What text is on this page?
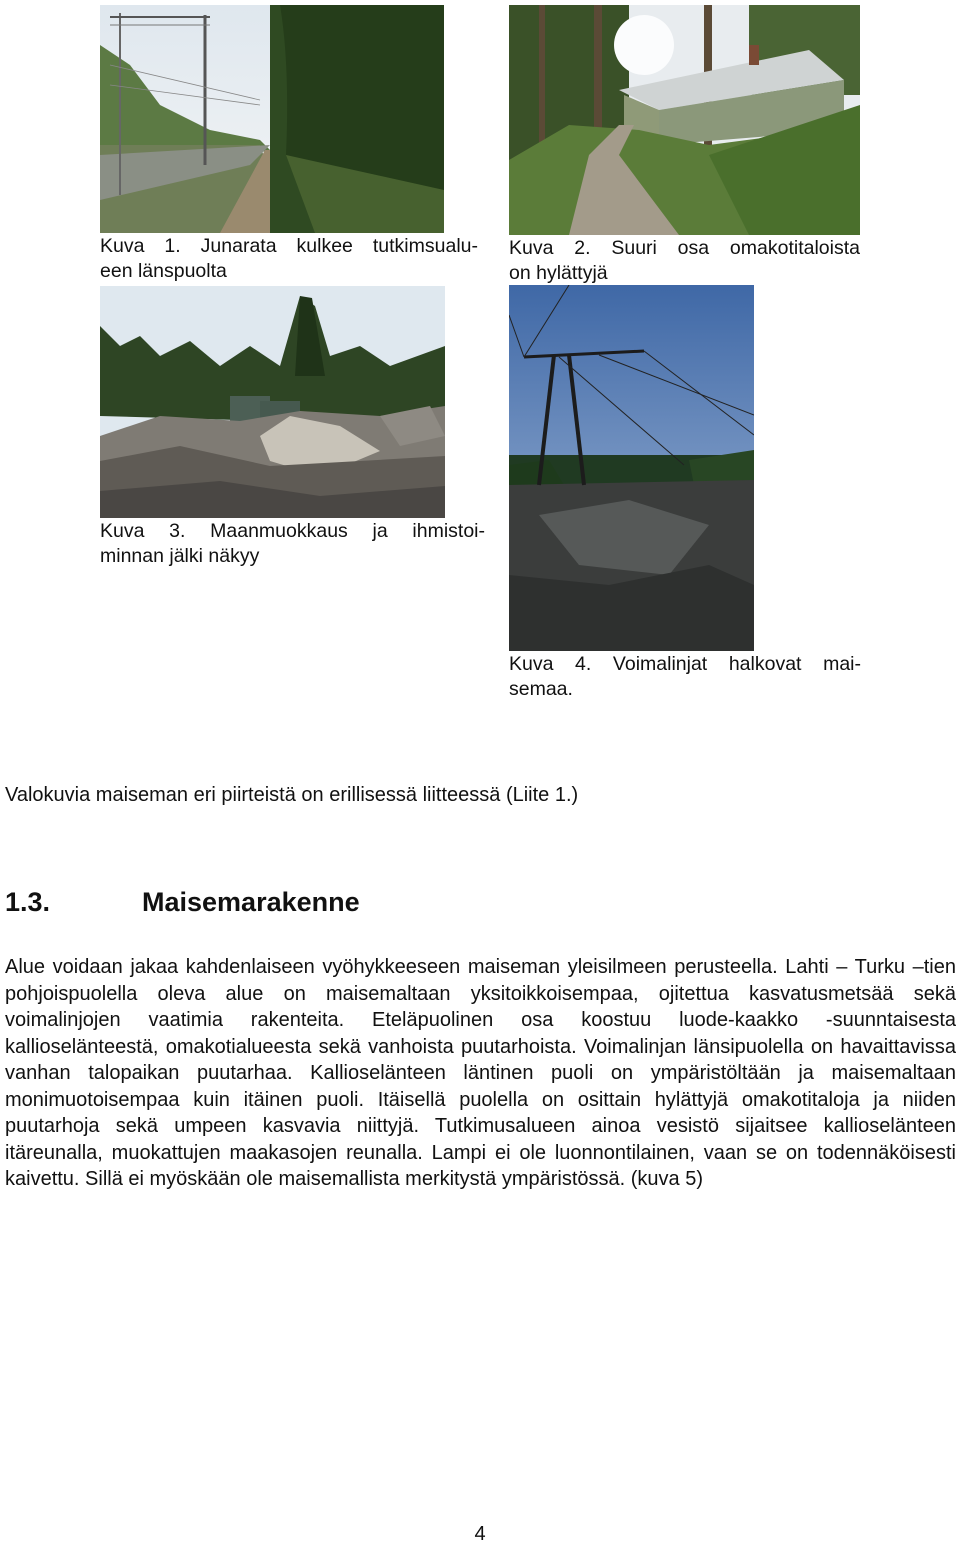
Kuva 1. Junarata kulkee tutkimsualu-
een länspuolta
Kuva 2. Suuri osa omakotitaloista
on hylättyjä
Kuva 3. Maanmuokkaus ja ihmistoi-
minnan jälki näkyy
Kuva 4. Voimalinjat halkovat mai-
semaa.
Valokuvia maiseman eri piirteistä on erillisessä liitteessä (Liite 1.)
1.3.	Maisemarakenne
Alue voidaan jakaa kahdenlaiseen vyöhykkeeseen maiseman yleisilmeen perusteella. Lahti – Turku –tien pohjoispuolella oleva alue on maisemaltaan yksitoikkoisempaa, ojitettua kasvatusmetsää sekä voimalinjojen vaatimia rakenteita. Eteläpuolinen osa koostuu luode-kaakko -suunntaisesta kallioselänteestä, omakotialueesta sekä vanhoista puutarhoista. Voimalinjan länsipuolella on havaittavissa vanhan talopaikan puutarhaa. Kallioselänteen läntinen puoli on ympäristöltään ja maisemaltaan monimuotoisempaa kuin itäinen puoli. Itäisellä puolella on osittain hylättyjä omakotitaloja ja niiden puutarhoja sekä umpeen kasvavia niittyjä. Tutkimusalueen ainoa vesistö sijaitsee kallioselänteen itäreunalla, muokattujen maakasojen reunalla. Lampi ei ole luonnontilainen, vaan se on todennäköisesti kaivettu. Sillä ei myöskään ole maisemallista merkitystä ympäristössä. (kuva 5)
4
